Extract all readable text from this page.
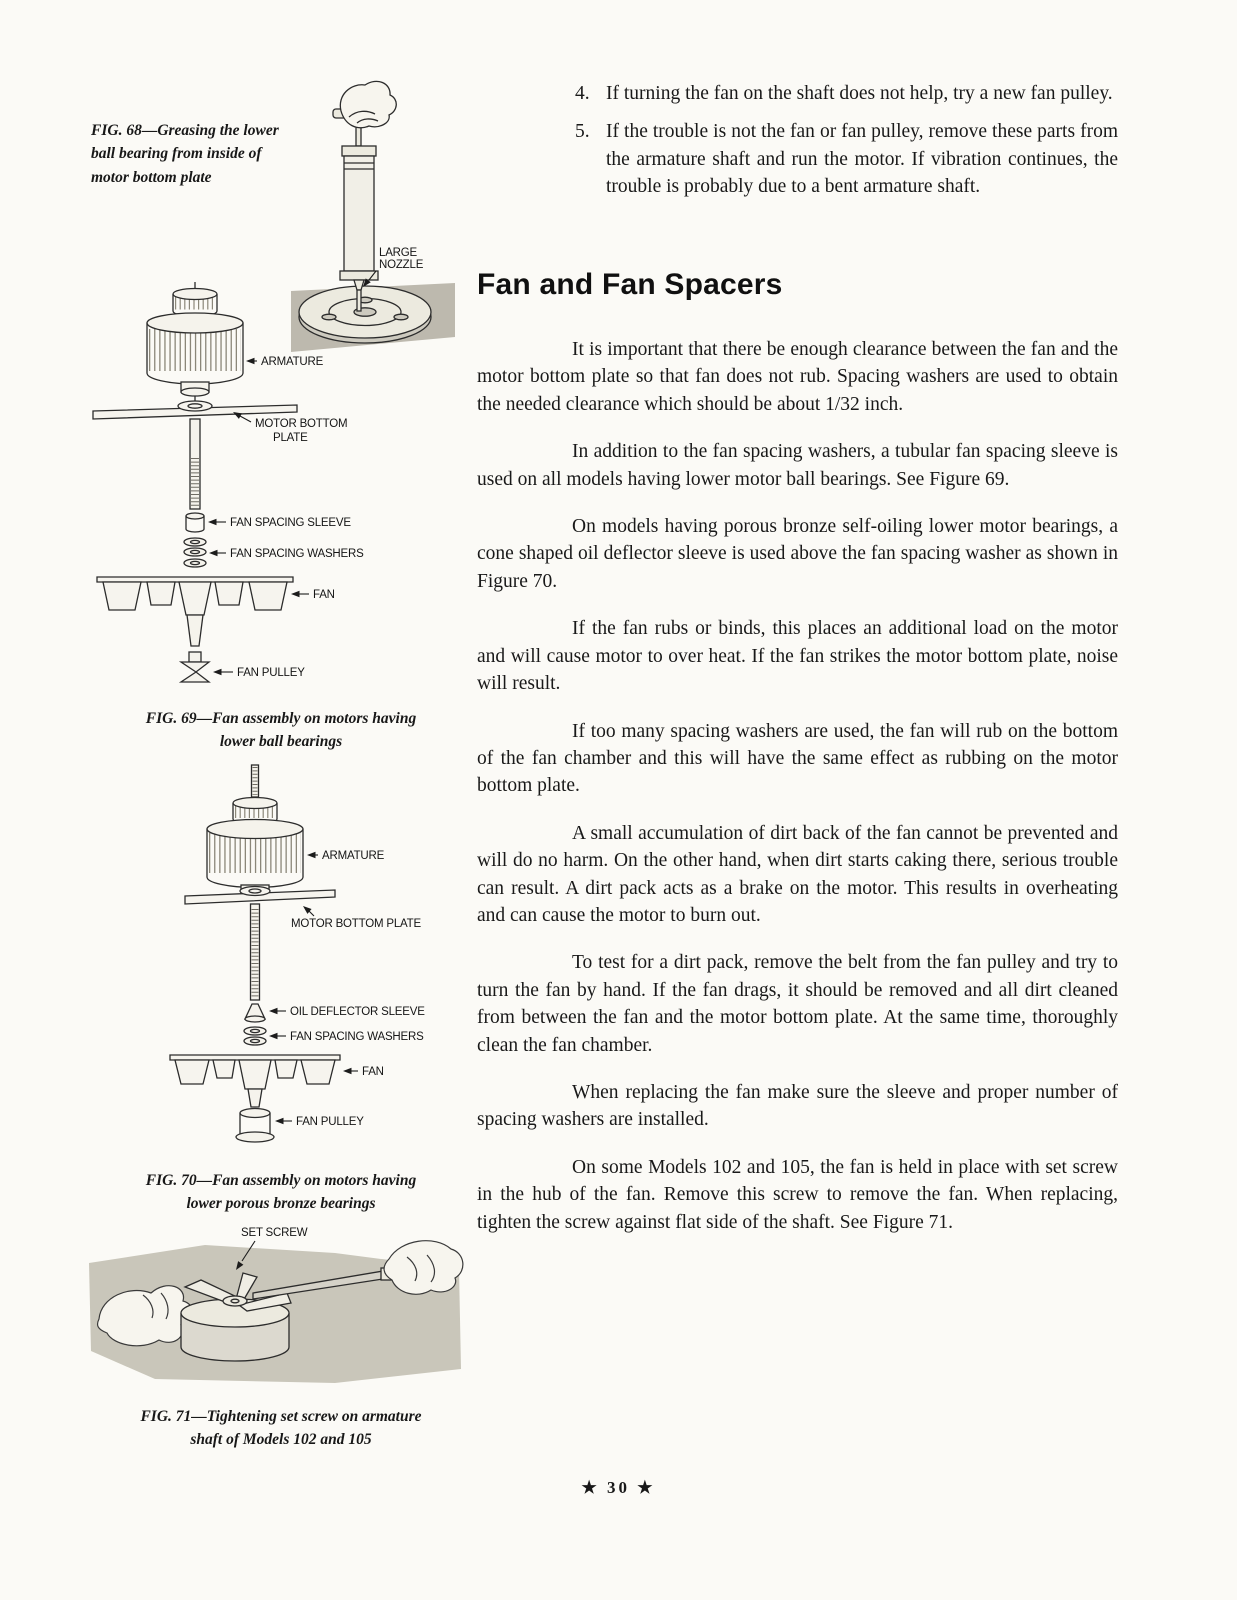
FIG. 68—Greasing the lower ball bearing from inside of motor bottom plate
LARGE
NOZZLE
ARMATURE
MOTOR BOTTOM
PLATE
FAN SPACING SLEEVE
FAN SPACING WASHERS
FAN
FAN PULLEY
FIG. 69—Fan assembly on motors having
lower ball bearings
ARMATURE
MOTOR BOTTOM PLATE
OIL DEFLECTOR SLEEVE
FAN SPACING WASHERS
FAN
FAN PULLEY
FIG. 70—Fan assembly on motors having
lower porous bronze bearings
SET SCREW
FIG. 71—Tightening set screw on armature
shaft of Models 102 and 105
4. If turning the fan on the shaft does not help, try a new fan pulley.
5. If the trouble is not the fan or fan pulley, remove these parts from the armature shaft and run the motor. If vibration continues, the trouble is probably due to a bent armature shaft.
Fan and Fan Spacers

It is important that there be enough clearance between the fan and the motor bottom plate so that fan does not rub. Spacing washers are used to obtain the needed clearance which should be about 1/32 inch.

In addition to the fan spacing washers, a tubular fan spacing sleeve is used on all models having lower motor ball bearings. See Figure 69.

On models having porous bronze self-oiling lower motor bearings, a cone shaped oil deflector sleeve is used above the fan spacing washer as shown in Figure 70.

If the fan rubs or binds, this places an additional load on the motor and will cause motor to over heat. If the fan strikes the motor bottom plate, noise will result.

If too many spacing washers are used, the fan will rub on the bottom of the fan chamber and this will have the same effect as rubbing on the motor bottom plate.

A small accumulation of dirt back of the fan cannot be prevented and will do no harm. On the other hand, when dirt starts caking there, serious trouble can result. A dirt pack acts as a brake on the motor. This results in overheating and can cause the motor to burn out.

To test for a dirt pack, remove the belt from the fan pulley and try to turn the fan by hand. If the fan drags, it should be removed and all dirt cleaned from between the fan and the motor bottom plate. At the same time, thoroughly clean the fan chamber.

When replacing the fan make sure the sleeve and proper number of spacing washers are installed.

On some Models 102 and 105, the fan is held in place with set screw in the hub of the fan. Remove this screw to remove the fan. When replacing, tighten the screw against flat side of the shaft. See Figure 71.

★ 30 ★
